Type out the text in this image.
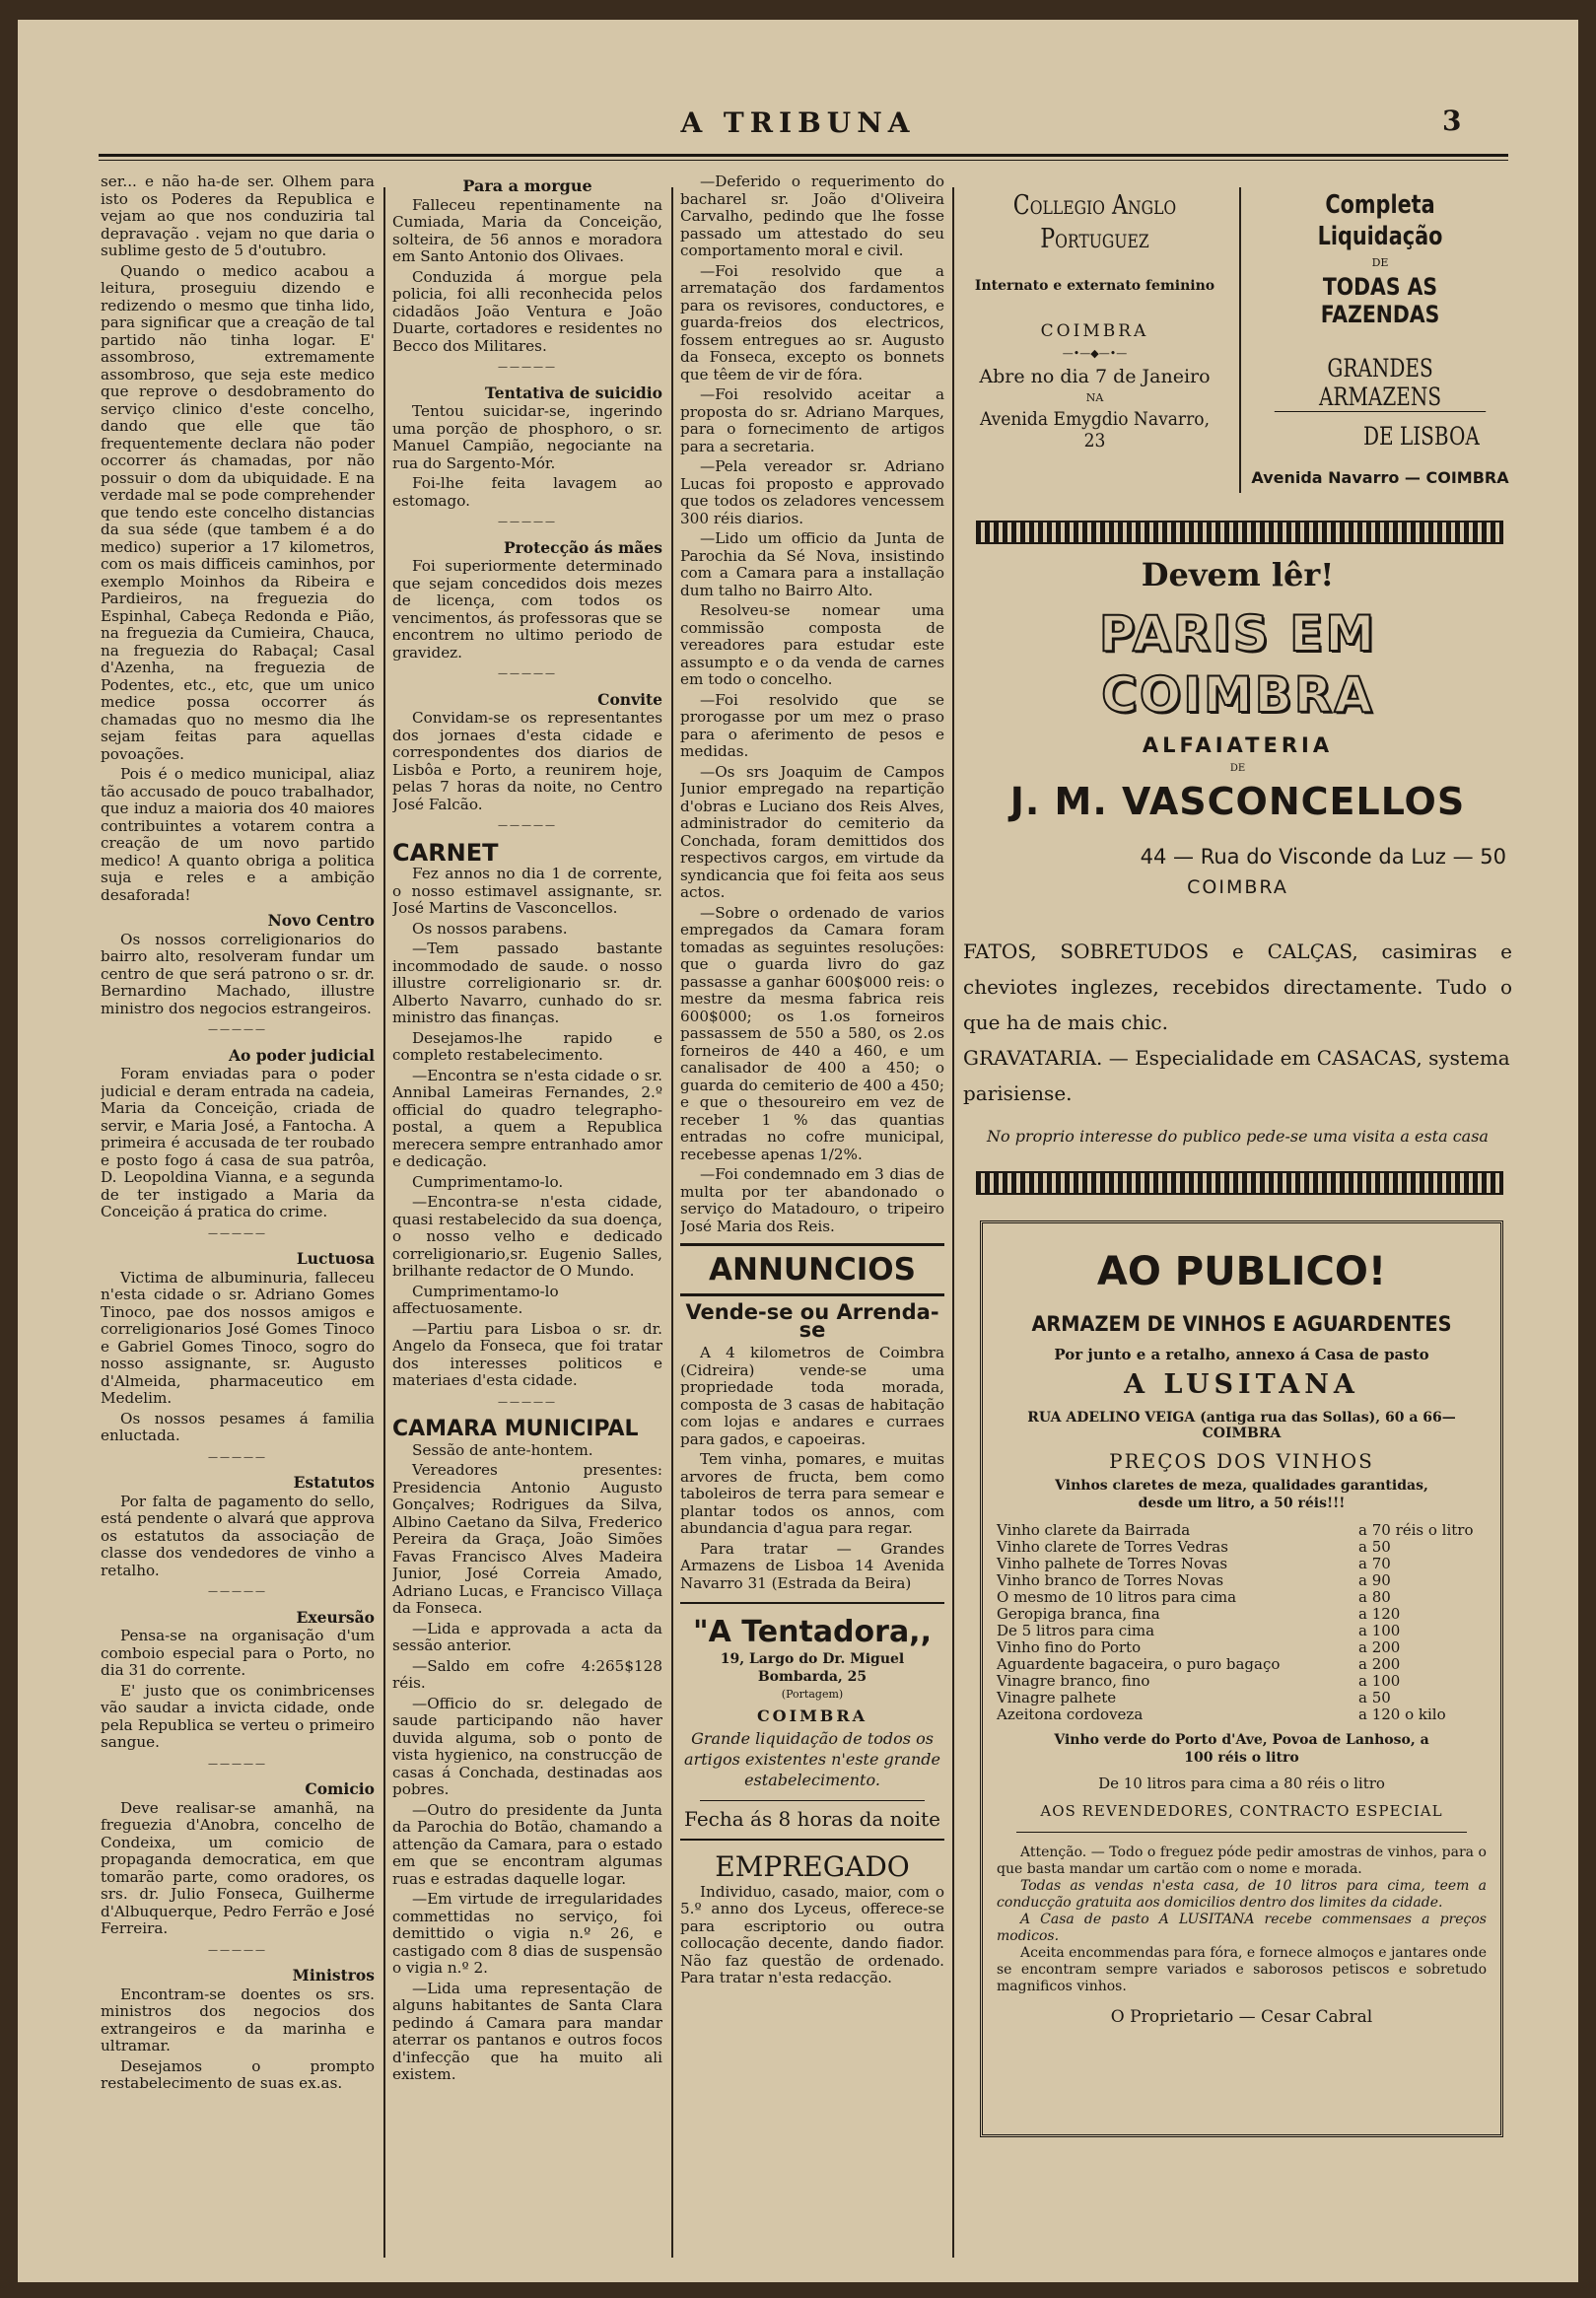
A TRIBUNA	3

ser... e não ha-de ser. Olhem para isto os Poderes da Republica e vejam ao que nos conduziria tal depravação . vejam no que daria o sublime gesto de 5 d'outubro.

Quando o medico acabou a leitura, proseguiu dizendo e redizendo o mesmo que tinha lido, para significar que a creação de tal partido não tinha logar. E' assombroso, extremamente assombroso, que seja este medico que reprove o desdobramento do serviço clinico d'este concelho, dando que elle que tão frequentemente declara não poder occorrer ás chamadas, por não possuir o dom da ubiquidade. E na verdade mal se pode comprehender que tendo este concelho distancias da sua séde (que tambem é a do medico) superior a 17 kilometros, com os mais difficeis caminhos, por exemplo Moinhos da Ribeira e Pardieiros, na freguezia do Espinhal, Cabeça Redonda e Pião, na freguezia da Cumieira, Chauca, na freguezia do Rabaçal; Casal d'Azenha, na freguezia de Podentes, etc., etc, que um unico medice possa occorrer ás chamadas quo no mesmo dia lhe sejam feitas para aquellas povoações.

Pois é o medico municipal, aliaz tão accusado de pouco trabalhador, que induz a maioria dos 40 maiores contribuintes a votarem contra a creação de um novo partido medico! A quanto obriga a politica suja e reles e a ambição desaforada!

Novo Centro

Os nossos correligionarios do bairro alto, resolveram fundar um centro de que será patrono o sr. dr. Bernardino Machado, illustre ministro dos negocios estrangeiros.

—————
Ao poder judicial

Foram enviadas para o poder judicial e deram entrada na cadeia, Maria da Conceição, criada de servir, e Maria José, a Fantocha. A primeira é accusada de ter roubado e posto fogo á casa de sua patrôa, D. Leopoldina Vianna, e a segunda de ter instigado a Maria da Conceição á pratica do crime.

—————
Luctuosa

Victima de albuminuria, falleceu n'esta cidade o sr. Adriano Gomes Tinoco, pae dos nossos amigos e correligionarios José Gomes Tinoco e Gabriel Gomes Tinoco, sogro do nosso assignante, sr. Augusto d'Almeida, pharmaceutico em Medelim.

Os nossos pesames á familia enluctada.

—————
Estatutos

Por falta de pagamento do sello, está pendente o alvará que approva os estatutos da associação de classe dos vendedores de vinho a retalho.

—————
Exeursão

Pensa-se na organisação d'um comboio especial para o Porto, no dia 31 do corrente.

E' justo que os conimbricenses vão saudar a invicta cidade, onde pela Republica se verteu o primeiro sangue.

—————
Comicio

Deve realisar-se amanhã, na freguezia d'Anobra, concelho de Condeixa, um comicio de propaganda democratica, em que tomarão parte, como oradores, os srs. dr. Julio Fonseca, Guilherme d'Albuquerque, Pedro Ferrão e José Ferreira.

—————
Ministros

Encontram-se doentes os srs. ministros dos negocios dos extrangeiros e da marinha e ultramar.

Desejamos o prompto restabelecimento de suas ex.as.

Para a morgue

Falleceu repentinamente na Cumiada, Maria da Conceição, solteira, de 56 annos e moradora em Santo Antonio dos Olivaes.

Conduzida á morgue pela policia, foi alli reconhecida pelos cidadãos João Ventura e João Duarte, cortadores e residentes no Becco dos Militares.

—————
Tentativa de suicidio

Tentou suicidar-se, ingerindo uma porção de phosphoro, o sr. Manuel Campião, negociante na rua do Sargento-Mór.

Foi-lhe feita lavagem ao estomago.

—————
Protecção ás mães

Foi superiormente determinado que sejam concedidos dois mezes de licença, com todos os vencimentos, ás professoras que se encontrem no ultimo periodo de gravidez.

—————
Convite

Convidam-se os representantes dos jornaes d'esta cidade e correspondentes dos diarios de Lisbôa e Porto, a reunirem hoje, pelas 7 horas da noite, no Centro José Falcão.

—————
CARNET

Fez annos no dia 1 de corrente, o nosso estimavel assignante, sr. José Martins de Vasconcellos.

Os nossos parabens.

—Tem passado bastante incommodado de saude. o nosso illustre correligionario sr. dr. Alberto Navarro, cunhado do sr. ministro das finanças.

Desejamos-lhe rapido e completo restabelecimento.

—Encontra se n'esta cidade o sr. Annibal Lameiras Fernandes, 2.º official do quadro telegrapho-postal, a quem a Republica merecera sempre entranhado amor e dedicação.

Cumprimentamo-lo.

—Encontra-se n'esta cidade, quasi restabelecido da sua doença, o nosso velho e dedicado correligionario,sr. Eugenio Salles, brilhante redactor de O Mundo.

Cumprimentamo-lo affectuosamente.

—Partiu para Lisboa o sr. dr. Angelo da Fonseca, que foi tratar dos interesses politicos e materiaes d'esta cidade.

—————
CAMARA MUNICIPAL

Sessão de ante-hontem.

Vereadores presentes: Presidencia Antonio Augusto Gonçalves; Rodrigues da Silva, Albino Caetano da Silva, Frederico Pereira da Graça, João Simões Favas Francisco Alves Madeira Junior, José Correia Amado, Adriano Lucas, e Francisco Villaça da Fonseca.

—Lida e approvada a acta da sessão anterior.

—Saldo em cofre 4:265$128 réis.

—Officio do sr. delegado de saude participando não haver duvida alguma, sob o ponto de vista hygienico, na construcção de casas á Conchada, destinadas aos pobres.

—Outro do presidente da Junta da Parochia do Botão, chamando a attenção da Camara, para o estado em que se encontram algumas ruas e estradas daquelle logar.

—Em virtude de irregularidades commettidas no serviço, foi demittido o vigia n.º 26, e castigado com 8 dias de suspensão o vigia n.º 2.

—Lida uma representação de alguns habitantes de Santa Clara pedindo á Camara para mandar aterrar os pantanos e outros focos d'infecção que ha muito ali existem.

—Deferido o requerimento do bacharel sr. João d'Oliveira Carvalho, pedindo que lhe fosse passado um attestado do seu comportamento moral e civil.

—Foi resolvido que a arrematação dos fardamentos para os revisores, conductores, e guarda-freios dos electricos, fossem entregues ao sr. Augusto da Fonseca, excepto os bonnets que têem de vir de fóra.

—Foi resolvido aceitar a proposta do sr. Adriano Marques, para o fornecimento de artigos para a secretaria.

—Pela vereador sr. Adriano Lucas foi proposto e approvado que todos os zeladores vencessem 300 réis diarios.

—Lido um officio da Junta de Parochia da Sé Nova, insistindo com a Camara para a installação dum talho no Bairro Alto.

Resolveu-se nomear uma commissão composta de vereadores para estudar este assumpto e o da venda de carnes em todo o concelho.

—Foi resolvido que se prorogasse por um mez o praso para o aferimento de pesos e medidas.

—Os srs Joaquim de Campos Junior empregado na repartição d'obras e Luciano dos Reis Alves, administrador do cemiterio da Conchada, foram demittidos dos respectivos cargos, em virtude da syndicancia que foi feita aos seus actos.

—Sobre o ordenado de varios empregados da Camara foram tomadas as seguintes resoluções: que o guarda livro do gaz passasse a ganhar 600$000 reis: o mestre da mesma fabrica reis 600$000; os 1.os forneiros passassem de 550 a 580, os 2.os forneiros de 440 a 460, e um canalisador de 400 a 450; o guarda do cemiterio de 400 a 450; e que o thesoureiro em vez de receber 1 % das quantias entradas no cofre municipal, recebesse apenas 1/2%.

—Foi condemnado em 3 dias de multa por ter abandonado o serviço do Matadouro, o tripeiro José Maria dos Reis.

ANNUNCIOS
Vende-se ou Arrenda-se

A 4 kilometros de Coimbra (Cidreira) vende-se uma propriedade toda morada, composta de 3 casas de habitação com lojas e andares e curraes para gados, e capoeiras.

Tem vinha, pomares, e muitas arvores de fructa, bem como taboleiros de terra para semear e plantar todos os annos, com abundancia d'agua para regar.

Para tratar — Grandes Armazens de Lisboa 14 Avenida Navarro 31 (Estrada da Beira)

"A Tentadora,,
19, Largo do Dr. Miguel Bombarda, 25
(Portagem)
COIMBRA
Grande liquidação de todos os artigos existentes n'este grande estabelecimento.
Fecha ás 8 horas da noite
EMPREGADO

Individuo, casado, maior, com o 5.º anno dos Lyceus, offerece-se para escriptorio ou outra collocação decente, dando fiador. Não faz questão de ordenado. Para tratar n'esta redacção.

Collegio Anglo Portuguez
Internato e externato feminino
COIMBRA
—•—◆—•—
Abre no dia 7 de Janeiro
NA
Avenida Emygdio Navarro, 23
Completa Liquidação
DE
TODAS AS FAZENDAS
GRANDES ARMAZENS
DE LISBOA
Avenida Navarro — COIMBRA
Devem lêr!
PARIS EM COIMBRA
ALFAIATERIA
DE
J. M. VASCONCELLOS
44 — Rua do Visconde da Luz — 50
COIMBRA
FATOS, SOBRETUDOS e CALÇAS, casimiras e cheviotes inglezes, recebidos directamente. Tudo o que ha de mais chic.
GRAVATARIA. — Especialidade em CASACAS, systema parisiense.
No proprio interesse do publico pede-se uma visita a esta casa
AO PUBLICO!
ARMAZEM DE VINHOS E AGUARDENTES
Por junto e a retalho, annexo á Casa de pasto
A LUSITANA
RUA ADELINO VEIGA (antiga rua das Sollas), 60 a 66— COIMBRA
PREÇOS DOS VINHOS
Vinhos claretes de meza, qualidades garantidas, desde um litro, a 50 réis!!!
Vinho clarete da Bairrada	a 70 réis o litro
Vinho clarete de Torres Vedras	a 50
Vinho palhete de Torres Novas	a 70
Vinho branco de Torres Novas	a 90
O mesmo de 10 litros para cima	a 80
Geropiga branca, fina	a 120
De 5 litros para cima	a 100
Vinho fino do Porto	a 200
Aguardente bagaceira, o puro bagaço	a 200
Vinagre branco, fino	a 100
Vinagre palhete	a 50
Azeitona cordoveza	a 120 o kilo
Vinho verde do Porto d'Ave, Povoa de Lanhoso, a 100 réis o litro
De 10 litros para cima a 80 réis o litro
AOS REVENDEDORES, CONTRACTO ESPECIAL
Attenção. — Todo o freguez póde pedir amostras de vinhos, para o que basta mandar um cartão com o nome e morada.
Todas as vendas n'esta casa, de 10 litros para cima, teem a conducção gratuita aos domicilios dentro dos limites da cidade.
A Casa de pasto A LUSITANA recebe commensaes a preços modicos.
Aceita encommendas para fóra, e fornece almoços e jantares onde se encontram sempre variados e saborosos petiscos e sobretudo magnificos vinhos.
O Proprietario — Cesar Cabral
